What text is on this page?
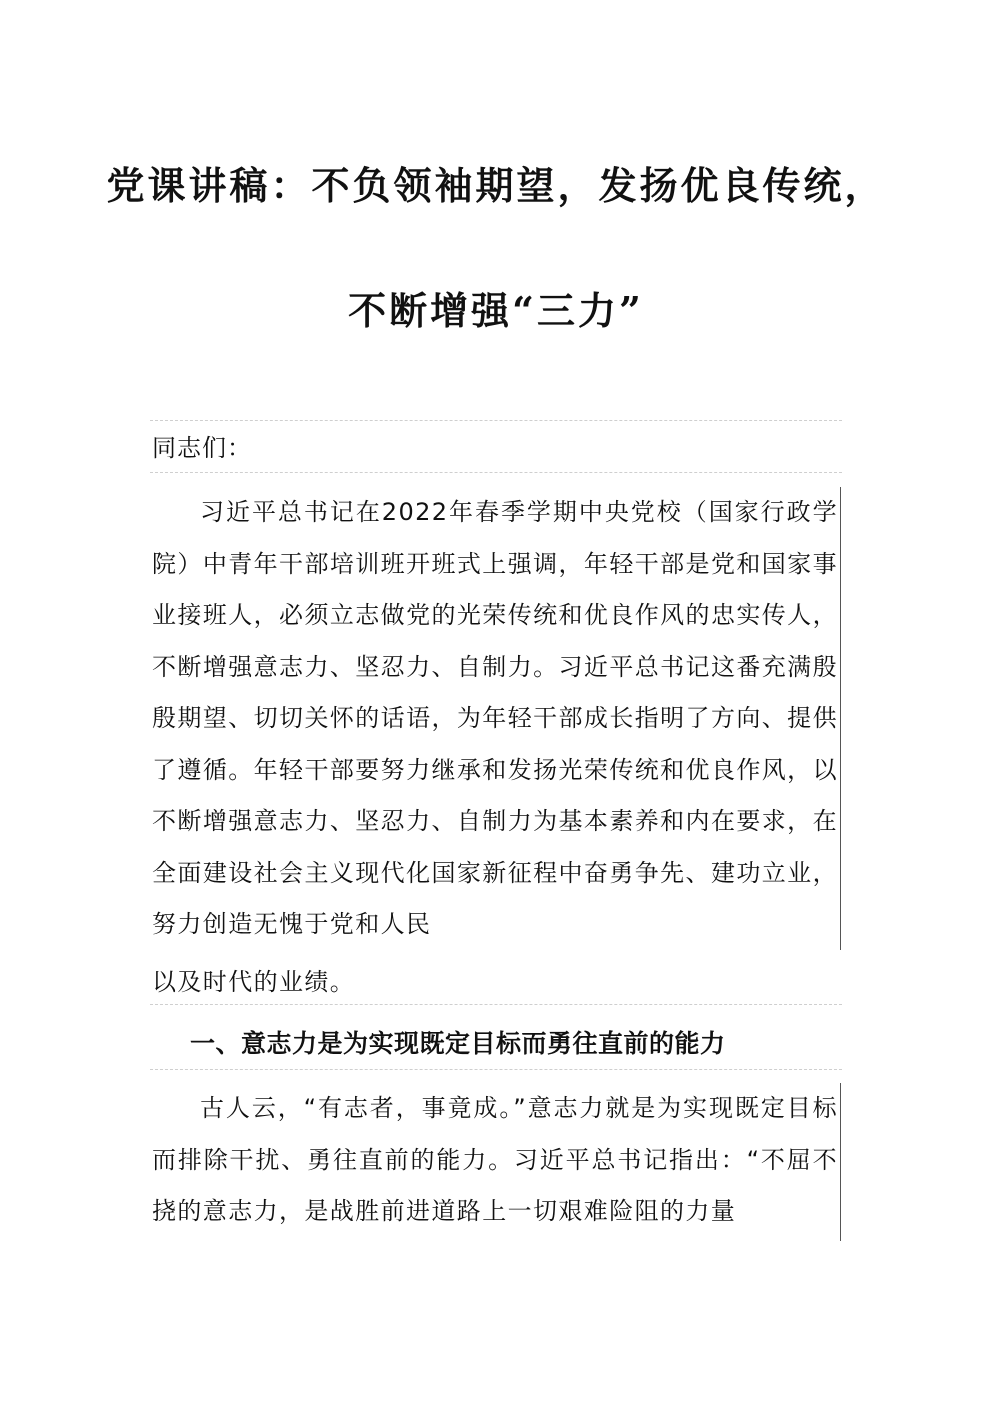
党课讲稿：不负领袖期望，发扬优良传统，
不断增强“三力”

同志们：

习近平总书记在2022年春季学期中央党校（国家行政学院）中青年干部培训班开班式上强调，年轻干部是党和国家事业接班人，必须立志做党的光荣传统和优良作风的忠实传人，不断增强意志力、坚忍力、自制力。习近平总书记这番充满殷殷期望、切切关怀的话语，为年轻干部成长指明了方向、提供了遵循。年轻干部要努力继承和发扬光荣传统和优良作风，以不断增强意志力、坚忍力、自制力为基本素养和内在要求，在全面建设社会主义现代化国家新征程中奋勇争先、建功立业，努力创造无愧于党和人民

以及时代的业绩。

一、意志力是为实现既定目标而勇往直前的能力

古人云，“有志者，事竟成。”意志力就是为实现既定目标而排除干扰、勇往直前的能力。习近平总书记指出：“不屈不挠的意志力，是战胜前进道路上一切艰难险阻的力量
